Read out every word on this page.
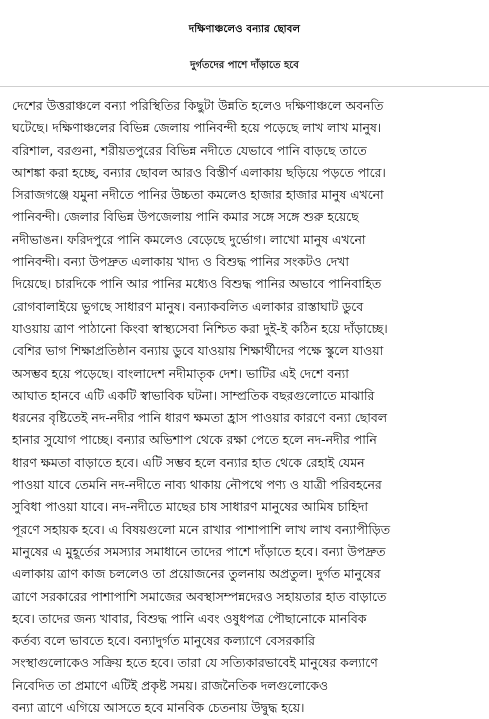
দক্ষিণাঞ্চলেও বন্যার ছোবল
দুর্গতদের পাশে দাঁড়াতে হবে
দেশের উত্তরাঞ্চলে বন্যা পরিস্থিতির কিছুটা উন্নতি হলেও দক্ষিণাঞ্চলে অবনতি
ঘটেছে। দক্ষিণাঞ্চলের বিভিন্ন জেলায় পানিবন্দী হয়ে পড়েছে লাখ লাখ মানুষ।
বরিশাল, বরগুনা, শরীয়তপুরের বিভিন্ন নদীতে যেভাবে পানি বাড়ছে তাতে
আশঙ্কা করা হচ্ছে, বন্যার ছোবল আরও বিস্তীর্ণ এলাকায় ছড়িয়ে পড়তে পারে।
সিরাজগঞ্জে যমুনা নদীতে পানির উচ্চতা কমলেও হাজার হাজার মানুষ এখনো
পানিবন্দী। জেলার বিভিন্ন উপজেলায় পানি কমার সঙ্গে সঙ্গে শুরু হয়েছে
নদীভাঙন। ফরিদপুরে পানি কমলেও বেড়েছে দুর্ভোগ। লাখো মানুষ এখনো
পানিবন্দী। বন্যা উপদ্রুত এলাকায় খাদ্য ও বিশুদ্ধ পানির সংকটও দেখা
দিয়েছে। চারদিকে পানি আর পানির মধ্যেও বিশুদ্ধ পানির অভাবে পানিবাহিত
রোগবালাইয়ে ভুগছে সাধারণ মানুষ। বন্যাকবলিত এলাকার রাস্তাঘাট ডুবে
যাওয়ায় ত্রাণ পাঠানো কিংবা স্বাস্থ্যসেবা নিশ্চিত করা দুই-ই কঠিন হয়ে দাঁড়াচ্ছে।
বেশির ভাগ শিক্ষাপ্রতিষ্ঠান বন্যায় ডুবে যাওয়ায় শিক্ষার্থীদের পক্ষে স্কুলে যাওয়া
অসম্ভব হয়ে পড়েছে। বাংলাদেশ নদীমাতৃক দেশ। ভাটির এই দেশে বন্যা
আঘাত হানবে এটি একটি স্বাভাবিক ঘটনা। সাম্প্রতিক বছরগুলোতে মাঝারি
ধরনের বৃষ্টিতেই নদ-নদীর পানি ধারণ ক্ষমতা হ্রাস পাওয়ার কারণে বন্যা ছোবল
হানার সুযোগ পাচ্ছে। বন্যার অভিশাপ থেকে রক্ষা পেতে হলে নদ-নদীর পানি
ধারণ ক্ষমতা বাড়াতে হবে। এটি সম্ভব হলে বন্যার হাত থেকে রেহাই যেমন
পাওয়া যাবে তেমনি নদ-নদীতে নাব্য থাকায় নৌপথে পণ্য ও যাত্রী পরিবহনের
সুবিধা পাওয়া যাবে। নদ-নদীতে মাছের চাষ সাধারণ মানুষের আমিষ চাহিদা
পূরণে সহায়ক হবে। এ বিষয়গুলো মনে রাখার পাশাপাশি লাখ লাখ বন্যাপীড়িত
মানুষের এ মুহূর্তের সমস্যার সমাধানে তাদের পাশে দাঁড়াতে হবে। বন্যা উপদ্রুত
এলাকায় ত্রাণ কাজ চললেও তা প্রয়োজনের তুলনায় অপ্রতুল। দুর্গত মানুষের
ত্রাণে সরকারের পাশাপাশি সমাজের অবস্থাসম্পন্নদেরও সহায়তার হাত বাড়াতে
হবে। তাদের জন্য খাবার, বিশুদ্ধ পানি এবং ওষুধপত্র পৌছানোকে মানবিক
কর্তব্য বলে ভাবতে হবে। বন্যাদুর্গত মানুষের কল্যাণে বেসরকারি
সংস্থাগুলোকেও সক্রিয় হতে হবে। তারা যে সত্যিকারভাবেই মানুষের কল্যাণে
নিবেদিত তা প্রমাণে এটিই প্রকৃষ্ট সময়। রাজনৈতিক দলগুলোকেও
বন্যা ত্রাণে এগিয়ে আসতে হবে মানবিক চেতনায় উদ্বুদ্ধ হয়ে।
